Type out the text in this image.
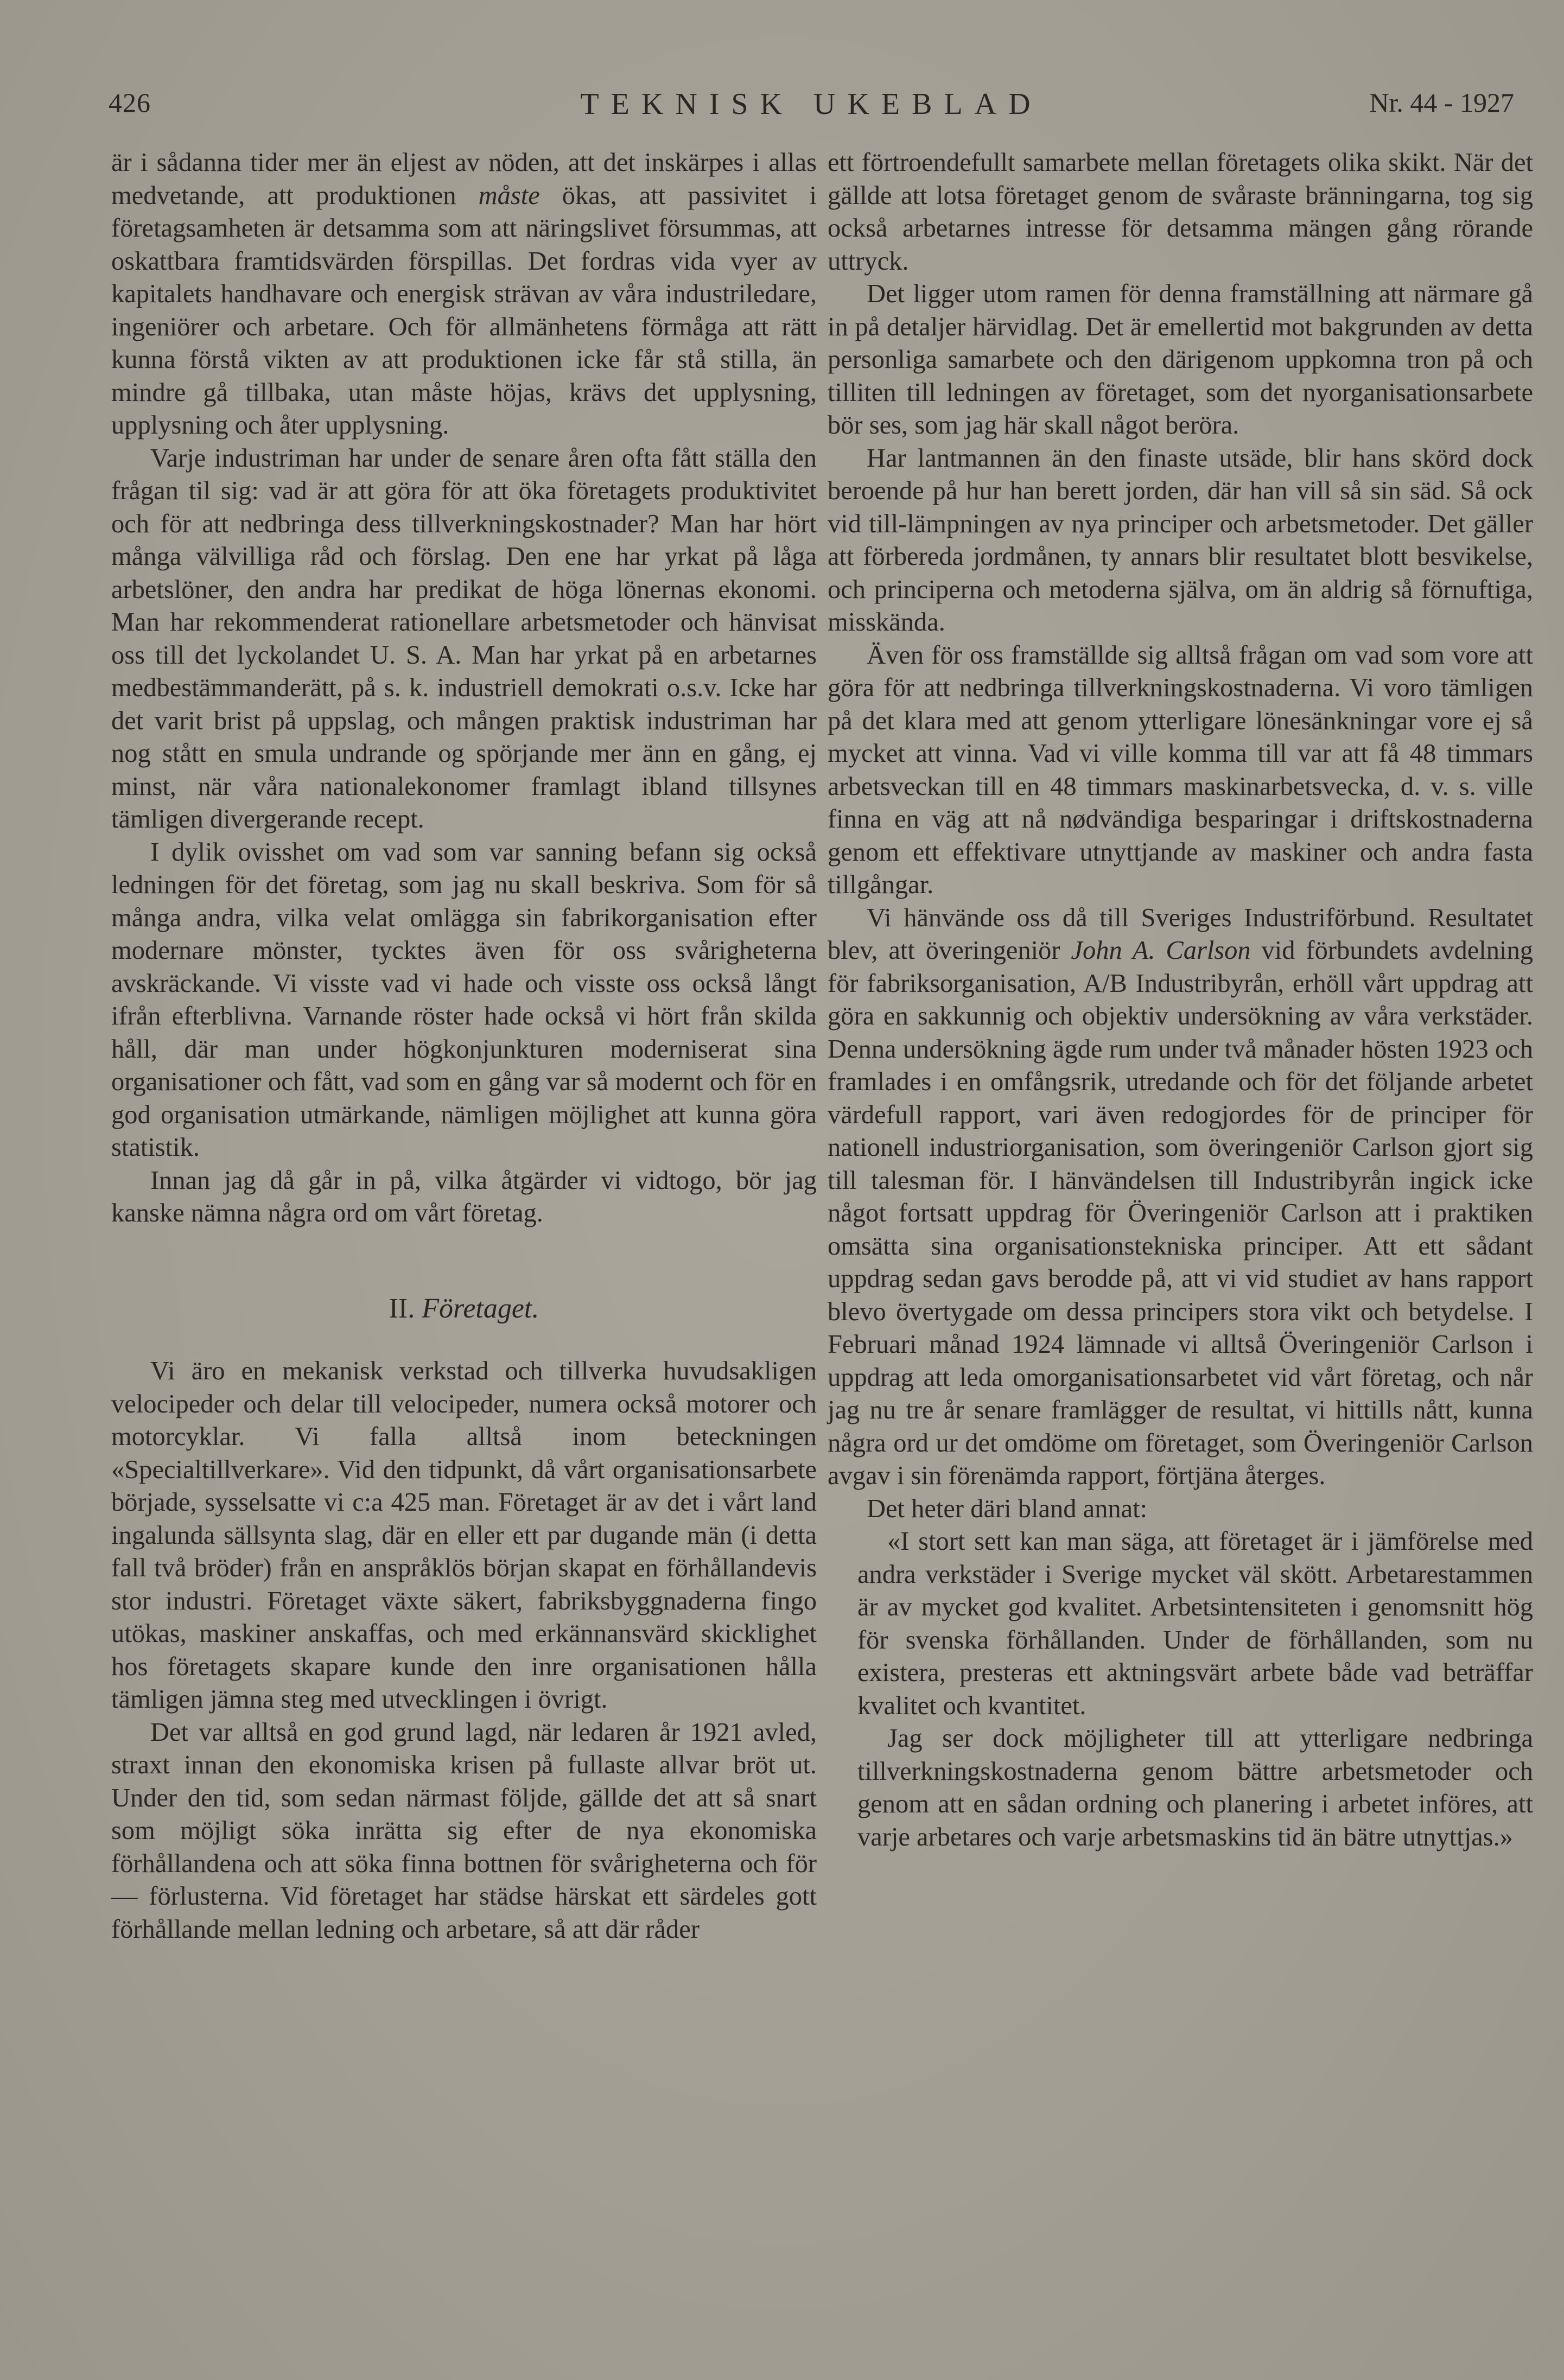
426	TEKNISK UKEBLAD	Nr. 44 - 1927

är i sådanna tider mer än eljest av nöden, att det inskärpes i allas medvetande, att produktionen måste ökas, att passivitet i företagsamheten är detsamma som att näringslivet försummas, att oskattbara framtidsvärden förspillas. Det fordras vida vyer av kapitalets handhavare och energisk strävan av våra industriledare, ingeniörer och arbetare. Och för allmänhetens förmåga att rätt kunna förstå vikten av att produktionen icke får stå stilla, än mindre gå tillbaka, utan måste höjas, krävs det upplysning, upplysning och åter upplysning.

Varje industriman har under de senare åren ofta fått ställa den frågan til sig: vad är att göra för att öka företagets produktivitet och för att nedbringa dess tillverkningskostnader? Man har hört många välvilliga råd och förslag. Den ene har yrkat på låga arbetslöner, den andra har predikat de höga lönernas ekonomi. Man har rekommenderat rationellare arbetsmetoder och hänvisat oss till det lyckolandet U. S. A. Man har yrkat på en arbetarnes medbestämmanderätt, på s. k. industriell demokrati o.s.v. Icke har det varit brist på uppslag, och mången praktisk industriman har nog stått en smula undrande og spörjande mer änn en gång, ej minst, när våra nationalekonomer framlagt ibland tillsynes tämligen divergerande recept.

I dylik ovisshet om vad som var sanning befann sig också ledningen för det företag, som jag nu skall beskriva. Som för så många andra, vilka velat omlägga sin fabrikorganisation efter modernare mönster, tycktes även för oss svårigheterna avskräckande. Vi visste vad vi hade och visste oss också långt ifrån efterblivna. Varnande röster hade också vi hört från skilda håll, där man under högkonjunkturen moderniserat sina organisationer och fått, vad som en gång var så modernt och för en god organisation utmärkande, nämligen möjlighet att kunna göra statistik.

Innan jag då går in på, vilka åtgärder vi vidtogo, bör jag kanske nämna några ord om vårt företag.

II. Företaget.

Vi äro en mekanisk verkstad och tillverka huvudsakligen velocipeder och delar till velocipeder, numera också motorer och motorcyklar. Vi falla alltså inom beteckningen «Specialtillverkare». Vid den tidpunkt, då vårt organisationsarbete började, sysselsatte vi c:a 425 man. Företaget är av det i vårt land ingalunda sällsynta slag, där en eller ett par dugande män (i detta fall två bröder) från en anspråklös början skapat en förhållandevis stor industri. Företaget växte säkert, fabriksbyggnaderna fingo utökas, maskiner anskaffas, och med erkännansvärd skicklighet hos företagets skapare kunde den inre organisationen hålla tämligen jämna steg med utvecklingen i övrigt.

Det var alltså en god grund lagd, när ledaren år 1921 avled, straxt innan den ekonomiska krisen på fullaste allvar bröt ut. Under den tid, som sedan närmast följde, gällde det att så snart som möjligt söka inrätta sig efter de nya ekonomiska förhållandena och att söka finna bottnen för svårigheterna och för — förlusterna. Vid företaget har städse härskat ett särdeles gott förhållande mellan ledning och arbetare, så att där råder

ett förtroendefullt samarbete mellan företagets olika skikt. När det gällde att lotsa företaget genom de svåraste bränningarna, tog sig också arbetarnes intresse för detsamma mängen gång rörande uttryck.

Det ligger utom ramen för denna framställning att närmare gå in på detaljer härvidlag. Det är emellertid mot bakgrunden av detta personliga samarbete och den därigenom uppkomna tron på och tilliten till ledningen av företaget, som det nyorganisationsarbete bör ses, som jag här skall något beröra.

Har lantmannen än den finaste utsäde, blir hans skörd dock beroende på hur han berett jorden, där han vill så sin säd. Så ock vid till-lämpningen av nya principer och arbetsmetoder. Det gäller att förbereda jordmånen, ty annars blir resultatet blott besvikelse, och principerna och metoderna själva, om än aldrig så förnuftiga, misskända.

Även för oss framställde sig alltså frågan om vad som vore att göra för att nedbringa tillverkningskostnaderna. Vi voro tämligen på det klara med att genom ytterligare lönesänkningar vore ej så mycket att vinna. Vad vi ville komma till var att få 48 timmars arbetsveckan till en 48 timmars maskinarbetsvecka, d. v. s. ville finna en väg att nå nødvändiga besparingar i driftskostnaderna genom ett effektivare utnyttjande av maskiner och andra fasta tillgångar.

Vi hänvände oss då till Sveriges Industriförbund. Resultatet blev, att överingeniör John A. Carlson vid förbundets avdelning för fabriksorganisation, A/B Industribyrån, erhöll vårt uppdrag att göra en sakkunnig och objektiv undersökning av våra verkstäder. Denna undersökning ägde rum under två månader hösten 1923 och framlades i en omfångsrik, utredande och för det följande arbetet värdefull rapport, vari även redogjordes för de principer för nationell industriorganisation, som överingeniör Carlson gjort sig till talesman för. I hänvändelsen till Industribyrån ingick icke något fortsatt uppdrag för Överingeniör Carlson att i praktiken omsätta sina organisationstekniska principer. Att ett sådant uppdrag sedan gavs berodde på, att vi vid studiet av hans rapport blevo övertygade om dessa principers stora vikt och betydelse. I Februari månad 1924 lämnade vi alltså Överingeniör Carlson i uppdrag att leda omorganisationsarbetet vid vårt företag, och når jag nu tre år senare framlägger de resultat, vi hittills nått, kunna några ord ur det omdöme om företaget, som Överingeniör Carlson avgav i sin förenämda rapport, förtjäna återges.

Det heter däri bland annat:

«I stort sett kan man säga, att företaget är i jämförelse med andra verkstäder i Sverige mycket väl skött. Arbetarestammen är av mycket god kvalitet. Arbetsintensiteten i genomsnitt hög för svenska förhållanden. Under de förhållanden, som nu existera, presteras ett aktningsvärt arbete både vad beträffar kvalitet och kvantitet.

Jag ser dock möjligheter till att ytterligare nedbringa tillverkningskostnaderna genom bättre arbetsmetoder och genom att en sådan ordning och planering i arbetet införes, att varje arbetares och varje arbetsmaskins tid än bätre utnyttjas.»
